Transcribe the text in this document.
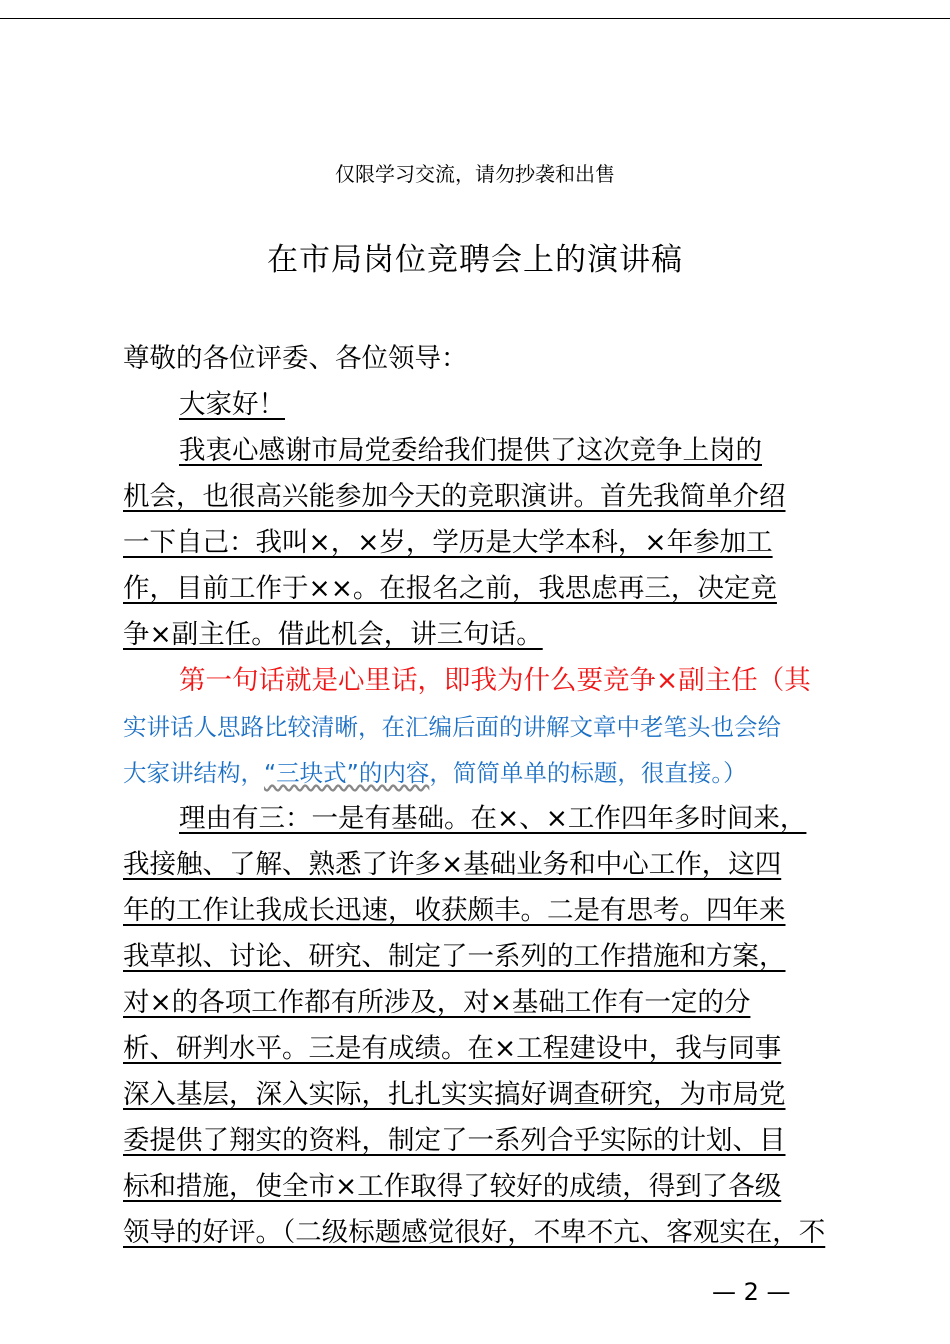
仅限学习交流，请勿抄袭和出售
在市局岗位竞聘会上的演讲稿
尊敬的各位评委、各位领导：
大家好！
我衷心感谢市局党委给我们提供了这次竞争上岗的
机会，也很高兴能参加今天的竞职演讲。首先我简单介绍
一下自己：我叫×，×岁，学历是大学本科，×年参加工
作，目前工作于××。在报名之前，我思虑再三，决定竞
争×副主任。借此机会，讲三句话。
第一句话就是心里话，即我为什么要竞争×副主任（其
实讲话人思路比较清晰，在汇编后面的讲解文章中老笔头也会给
大家讲结构，“三块式”的内容，简简单单的标题，很直接。）
理由有三：一是有基础。在×、×工作四年多时间来，
我接触、了解、熟悉了许多×基础业务和中心工作，这四
年的工作让我成长迅速，收获颇丰。二是有思考。四年来
我草拟、讨论、研究、制定了一系列的工作措施和方案，
对×的各项工作都有所涉及，对×基础工作有一定的分
析、研判水平。三是有成绩。在×工程建设中，我与同事
深入基层，深入实际，扎扎实实搞好调查研究，为市局党
委提供了翔实的资料，制定了一系列合乎实际的计划、目
标和措施，使全市×工作取得了较好的成绩，得到了各级
领导的好评。（二级标题感觉很好，不卑不亢、客观实在，不
— 2 —
